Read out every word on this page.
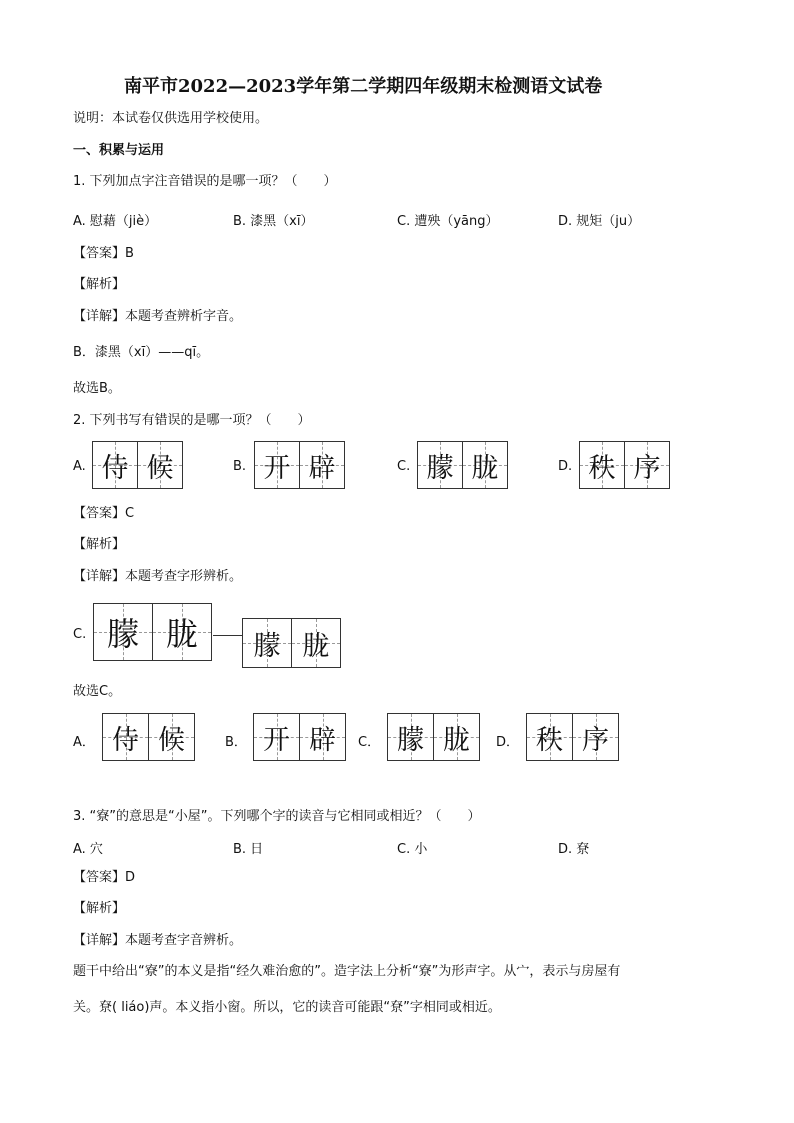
南平市2022—2023学年第二学期四年级期末检测语文试卷
说明：本试卷仅供选用学校使用。
一、积累与运用
1. 下列加点字注音错误的是哪一项？（　　）
A. 慰藉（jiè）	B. 漆黑（xī）	C. 遭殃（yāng）	D. 规矩（ju）
【答案】B
【解析】
【详解】本题考查辨析字音。
B．漆黑（xī）——qī。
故选B。
2. 下列书写有错误的是哪一项？（　　）
A. 侍 候	B. 开 辟	C. 朦 胧	D. 秩 序
【答案】C
【解析】
【详解】本题考查字形辨析。
C. 朦 胧 朦 胧
故选C。
A． 侍 候	B． 开 辟 C． 朦 胧 D． 秩 序
3. “寮”的意思是“小屋”。下列哪个字的读音与它相同或相近？（　　）
A. 穴	B. 日	C. 小	D. 尞
【答案】D
【解析】
【详解】本题考查字音辨析。
题干中给出“寮”的本义是指“经久难治愈的”。造字法上分析“寮”为形声字。从宀，表示与房屋有
关。尞( liáo)声。本义指小窗。所以，它的读音可能跟“尞”字相同或相近。
